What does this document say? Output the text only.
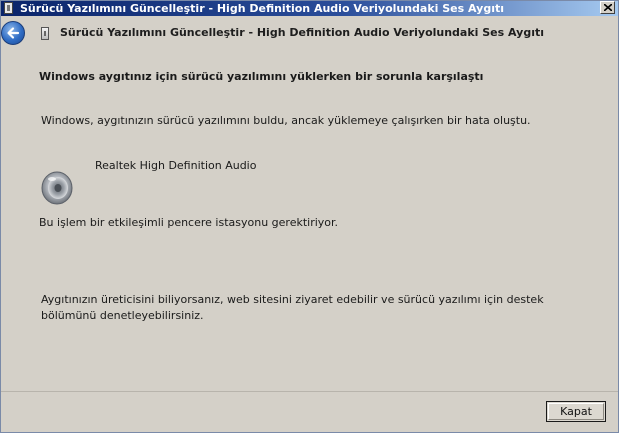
Sürücü Yazılımını Güncelleştir - High Definition Audio Veriyolundaki Ses Aygıtı
Sürücü Yazılımını Güncelleştir - High Definition Audio Veriyolundaki Ses Aygıtı
Windows aygıtınız için sürücü yazılımını yüklerken bir sorunla karşılaştı
Windows, aygıtınızın sürücü yazılımını buldu, ancak yüklemeye çalışırken bir hata oluştu.
Realtek High Definition Audio
Bu işlem bir etkileşimli pencere istasyonu gerektiriyor.
Aygıtınızın üreticisini biliyorsanız, web sitesini ziyaret edebilir ve sürücü yazılımı için destek
bölümünü denetleyebilirsiniz.
Kapat
